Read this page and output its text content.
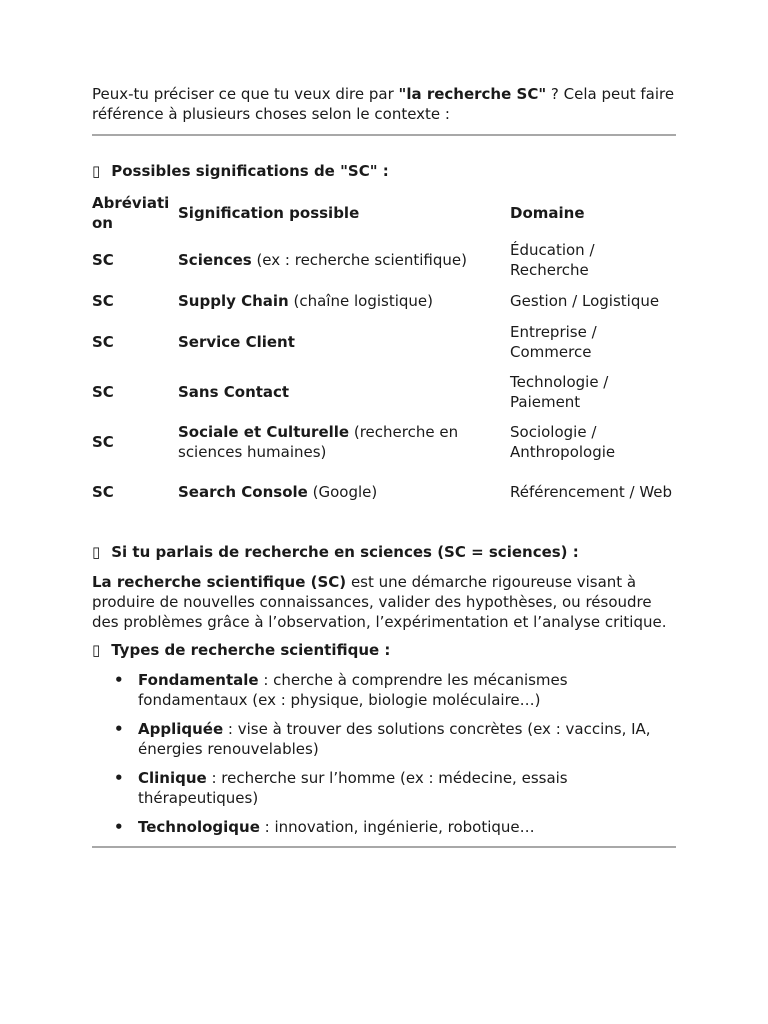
Peux-tu préciser ce que tu veux dire par "la recherche SC" ? Cela peut faire référence à plusieurs choses selon le contexte :

▯ Possibles significations de "SC" :
Abréviation	Signification possible	Domaine
SC	Sciences (ex : recherche scientifique)	Éducation / Recherche
SC	Supply Chain (chaîne logistique)	Gestion / Logistique
SC	Service Client	Entreprise / Commerce
SC	Sans Contact	Technologie / Paiement
SC	Sociale et Culturelle (recherche en sciences humaines)	Sociologie / Anthropologie
SC	Search Console (Google)	Référencement / Web
▯ Si tu parlais de recherche en sciences (SC = sciences) :

La recherche scientifique (SC) est une démarche rigoureuse visant à produire de nouvelles connaissances, valider des hypothèses, ou résoudre des problèmes grâce à l’observation, l’expérimentation et l’analyse critique.

▯ Types de recherche scientifique :
• Fondamentale : cherche à comprendre les mécanismes fondamentaux (ex : physique, biologie moléculaire…)
• Appliquée : vise à trouver des solutions concrètes (ex : vaccins, IA, énergies renouvelables)
• Clinique : recherche sur l’homme (ex : médecine, essais thérapeutiques)
• Technologique : innovation, ingénierie, robotique…
